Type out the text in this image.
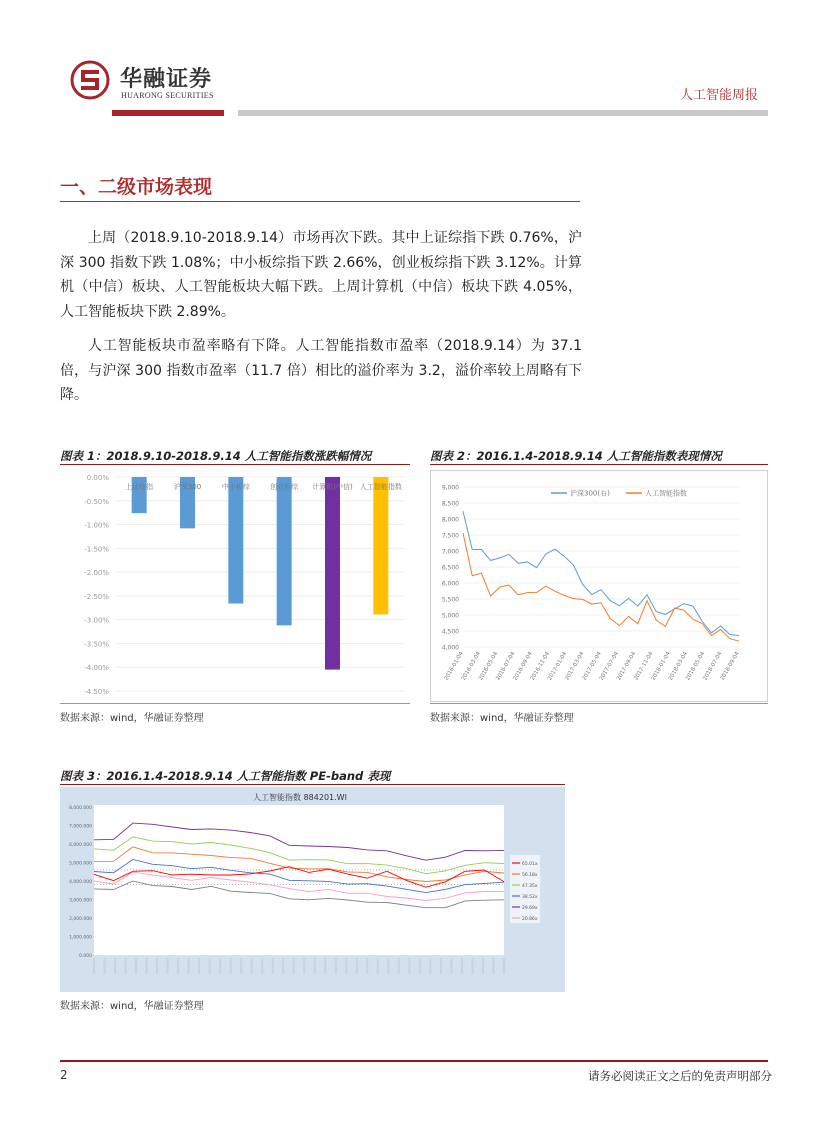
华融证券
HUARONG SECURITIES	人工智能周报
一、二级市场表现
上周（2018.9.10-2018.9.14）市场再次下跌。其中上证综指下跌 0.76%，沪深 300 指数下跌 1.08%；中小板综指下跌 2.66%，创业板综指下跌 3.12%。计算机（中信）板块、人工智能板块大幅下跌。上周计算机（中信）板块下跌 4.05%，人工智能板块下跌 2.89%。
人工智能板块市盈率略有下降。人工智能指数市盈率（2018.9.14）为 37.1 倍，与沪深 300 指数市盈率（11.7 倍）相比的溢价率为 3.2，溢价率较上周略有下降。
图表 1：2018.9.10-2018.9.14 人工智能指数涨跌幅情况
0.00%
-0.50%
-1.00%
-1.50%
-2.00%
-2.50%
-3.00%
-3.50%
-4.00%
-4.50%
上证综指	沪深300	中小板综	创业板综 计算机(中信) 人工智能指数
数据来源：wind，华融证券整理
图表 2：2016.1.4-2018.9.14 人工智能指数表现情况
9,000
8,500
8,000
7,500
7,000
6,500
6,000
5,500
5,000
4,500
4,000
沪深300(右)	人工智能指数
2016-01-04
2016-03-04
2016-05-04
2016-07-04
2016-09-04
2016-11-04
2017-01-04
2017-03-04
2017-05-04
2017-07-04
2017-09-04
2017-11-04
2018-01-04
2018-03-04
2018-05-04
2018-07-04
2018-09-04
数据来源：wind，华融证券整理
图表 3：2016.1.4-2018.9.14 人工智能指数 PE-band 表现
人工智能指数 884201.WI
8,000.000
7,000.000
6,000.000
5,000.000
4,000.000
3,000.000
2,000.000
1,000.000
0.000
65.01x
56.18x
47.35x
38.52x
29.69x
20.86x
数据来源：wind，华融证券整理
2	请务必阅读正文之后的免责声明部分
